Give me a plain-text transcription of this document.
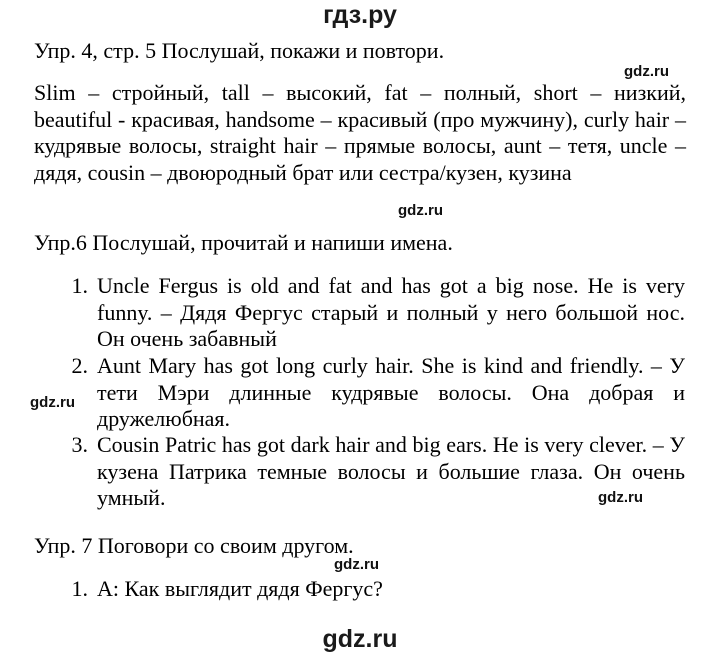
гдз.ру
Упр. 4, стр. 5 Послушай, покажи и повтори.
gdz.ru
Slim – стройный, tall – высокий, fat – полный, short – низкий, beautiful - красивая, handsome – красивый (про мужчину), curly hair – кудрявые волосы, straight hair – прямые волосы, aunt – тетя, uncle – дядя, cousin – двоюродный брат или сестра/кузен, кузина
gdz.ru
Упр.6 Послушай, прочитай и напиши имена.
1. Uncle Fergus is old and fat and has got a big nose. He is very funny. – Дядя Фергус старый и полный у него большой нос. Он очень забавный
2. Aunt Mary has got long curly hair. She is kind and friendly. – У тети Мэри длинные кудрявые волосы. Она добрая и дружелюбная.
gdz.ru
3. Cousin Patric has got dark hair and big ears. He is very clever. – У кузена Патрика темные волосы и большие глаза. Он очень умный.	gdz.ru
Упр. 7 Поговори со своим другом.
gdz.ru
1. A: Как выглядит дядя Фергус?
gdz.ru
